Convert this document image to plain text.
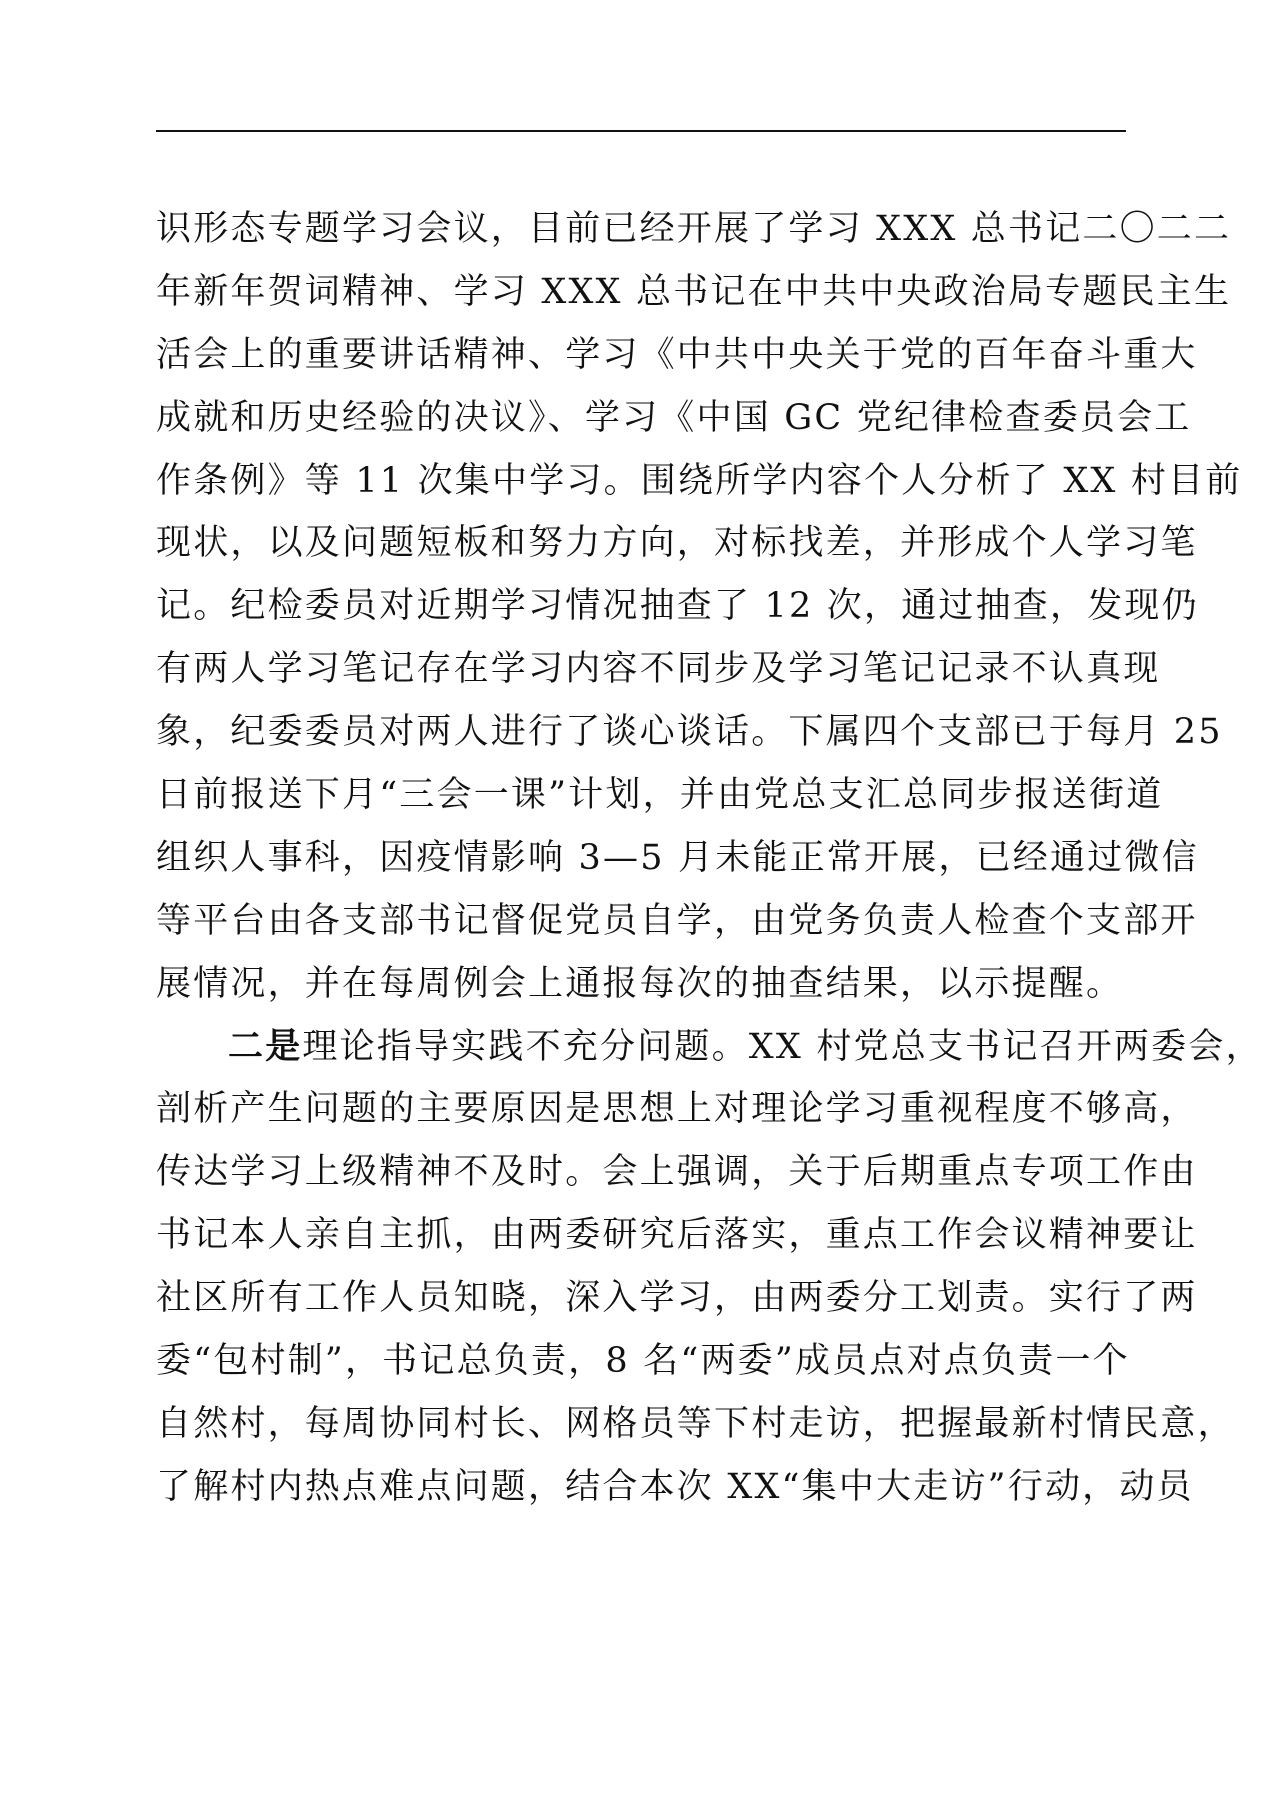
识形态专题学习会议，目前已经开展了学习 XXX 总书记二〇二二
年新年贺词精神、学习 XXX 总书记在中共中央政治局专题民主生
活会上的重要讲话精神、学习《中共中央关于党的百年奋斗重大
成就和历史经验的决议》、学习《中国 GC 党纪律检查委员会工
作条例》等 11 次集中学习。围绕所学内容个人分析了 XX 村目前
现状，以及问题短板和努力方向，对标找差，并形成个人学习笔
记。纪检委员对近期学习情况抽查了 12 次，通过抽查，发现仍
有两人学习笔记存在学习内容不同步及学习笔记记录不认真现
象，纪委委员对两人进行了谈心谈话。下属四个支部已于每月 25
日前报送下月“三会一课”计划，并由党总支汇总同步报送街道
组织人事科，因疫情影响 3—5 月未能正常开展，已经通过微信
等平台由各支部书记督促党员自学，由党务负责人检查个支部开
展情况，并在每周例会上通报每次的抽查结果，以示提醒。
二是理论指导实践不充分问题。XX 村党总支书记召开两委会，
剖析产生问题的主要原因是思想上对理论学习重视程度不够高，
传达学习上级精神不及时。会上强调，关于后期重点专项工作由
书记本人亲自主抓，由两委研究后落实，重点工作会议精神要让
社区所有工作人员知晓，深入学习，由两委分工划责。实行了两
委“包村制”，书记总负责，8 名“两委”成员点对点负责一个
自然村，每周协同村长、网格员等下村走访，把握最新村情民意，
了解村内热点难点问题，结合本次 XX“集中大走访”行动，动员
